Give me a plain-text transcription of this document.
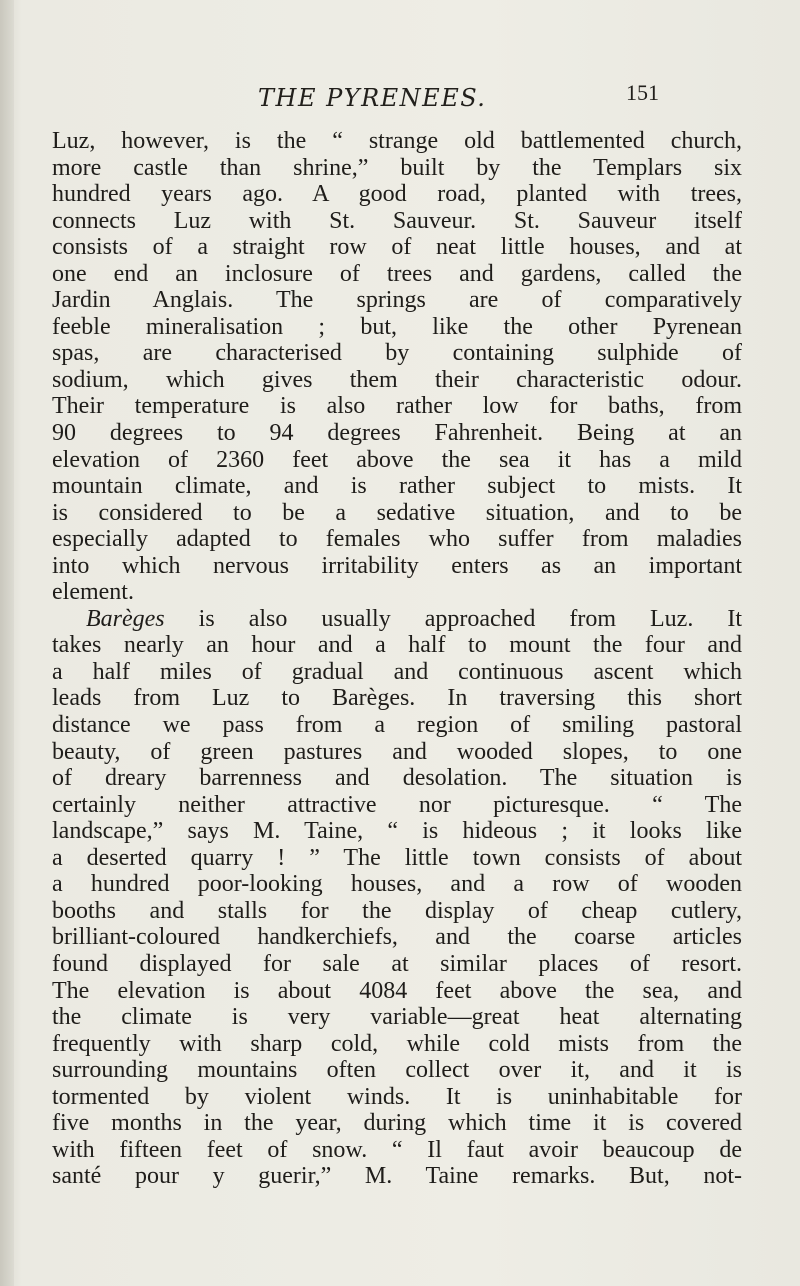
THE PYRENEES.	151
Luz, however, is the “ strange old battlemented church,
more castle than shrine,” built by the Templars six
hundred years ago. A good road, planted with trees,
connects Luz with St. Sauveur. St. Sauveur itself
consists of a straight row of neat little houses, and at
one end an inclosure of trees and gardens, called the
Jardin Anglais. The springs are of comparatively
feeble mineralisation ; but, like the other Pyrenean
spas, are characterised by containing sulphide of
sodium, which gives them their characteristic odour.
Their temperature is also rather low for baths, from
90 degrees to 94 degrees Fahrenheit. Being at an
elevation of 2360 feet above the sea it has a mild
mountain climate, and is rather subject to mists. It
is considered to be a sedative situation, and to be
especially adapted to females who suffer from maladies
into which nervous irritability enters as an important
element.
Barèges is also usually approached from Luz. It
takes nearly an hour and a half to mount the four and
a half miles of gradual and continuous ascent which
leads from Luz to Barèges. In traversing this short
distance we pass from a region of smiling pastoral
beauty, of green pastures and wooded slopes, to one
of dreary barrenness and desolation. The situation is
certainly neither attractive nor picturesque. “ The
landscape,” says M. Taine, “ is hideous ; it looks like
a deserted quarry ! ” The little town consists of about
a hundred poor-looking houses, and a row of wooden
booths and stalls for the display of cheap cutlery,
brilliant-coloured handkerchiefs, and the coarse articles
found displayed for sale at similar places of resort.
The elevation is about 4084 feet above the sea, and
the climate is very variable—great heat alternating
frequently with sharp cold, while cold mists from the
surrounding mountains often collect over it, and it is
tormented by violent winds. It is uninhabitable for
five months in the year, during which time it is covered
with fifteen feet of snow. “ Il faut avoir beaucoup de
santé pour y guerir,” M. Taine remarks. But, not-
